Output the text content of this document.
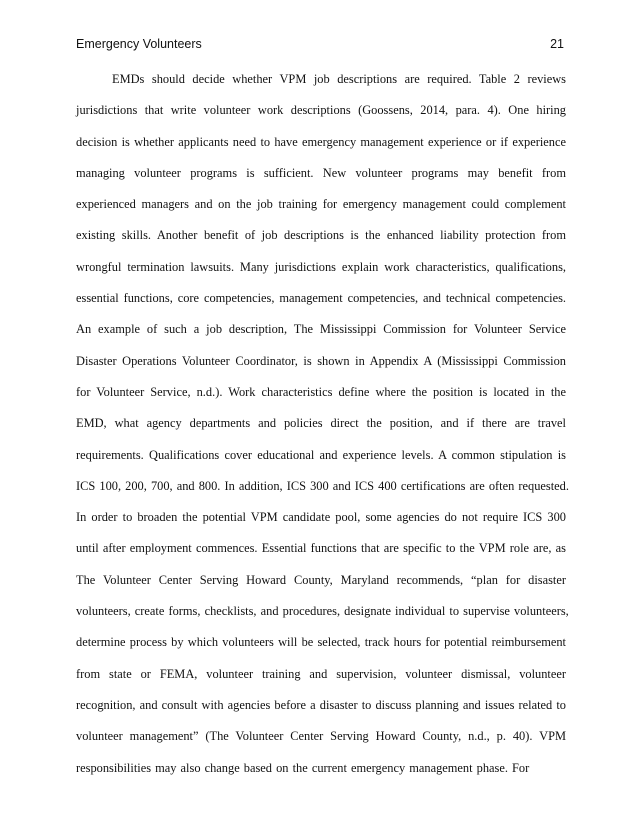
Emergency Volunteers	21
EMDs should decide whether VPM job descriptions are required. Table 2 reviews
jurisdictions that write volunteer work descriptions (Goossens, 2014, para. 4). One hiring
decision is whether applicants need to have emergency management experience or if experience
managing volunteer programs is sufficient. New volunteer programs may benefit from
experienced managers and on the job training for emergency management could complement
existing skills. Another benefit of job descriptions is the enhanced liability protection from
wrongful termination lawsuits. Many jurisdictions explain work characteristics, qualifications,
essential functions, core competencies, management competencies, and technical competencies.
An example of such a job description, The Mississippi Commission for Volunteer Service
Disaster Operations Volunteer Coordinator, is shown in Appendix A (Mississippi Commission
for Volunteer Service, n.d.). Work characteristics define where the position is located in the
EMD, what agency departments and policies direct the position, and if there are travel
requirements. Qualifications cover educational and experience levels. A common stipulation is
ICS 100, 200, 700, and 800. In addition, ICS 300 and ICS 400 certifications are often requested.
In order to broaden the potential VPM candidate pool, some agencies do not require ICS 300
until after employment commences. Essential functions that are specific to the VPM role are, as
The Volunteer Center Serving Howard County, Maryland recommends, “plan for disaster
volunteers, create forms, checklists, and procedures, designate individual to supervise volunteers,
determine process by which volunteers will be selected, track hours for potential reimbursement
from state or FEMA, volunteer training and supervision, volunteer dismissal, volunteer
recognition, and consult with agencies before a disaster to discuss planning and issues related to
volunteer management” (The Volunteer Center Serving Howard County, n.d., p. 40). VPM
responsibilities may also change based on the current emergency management phase. For
